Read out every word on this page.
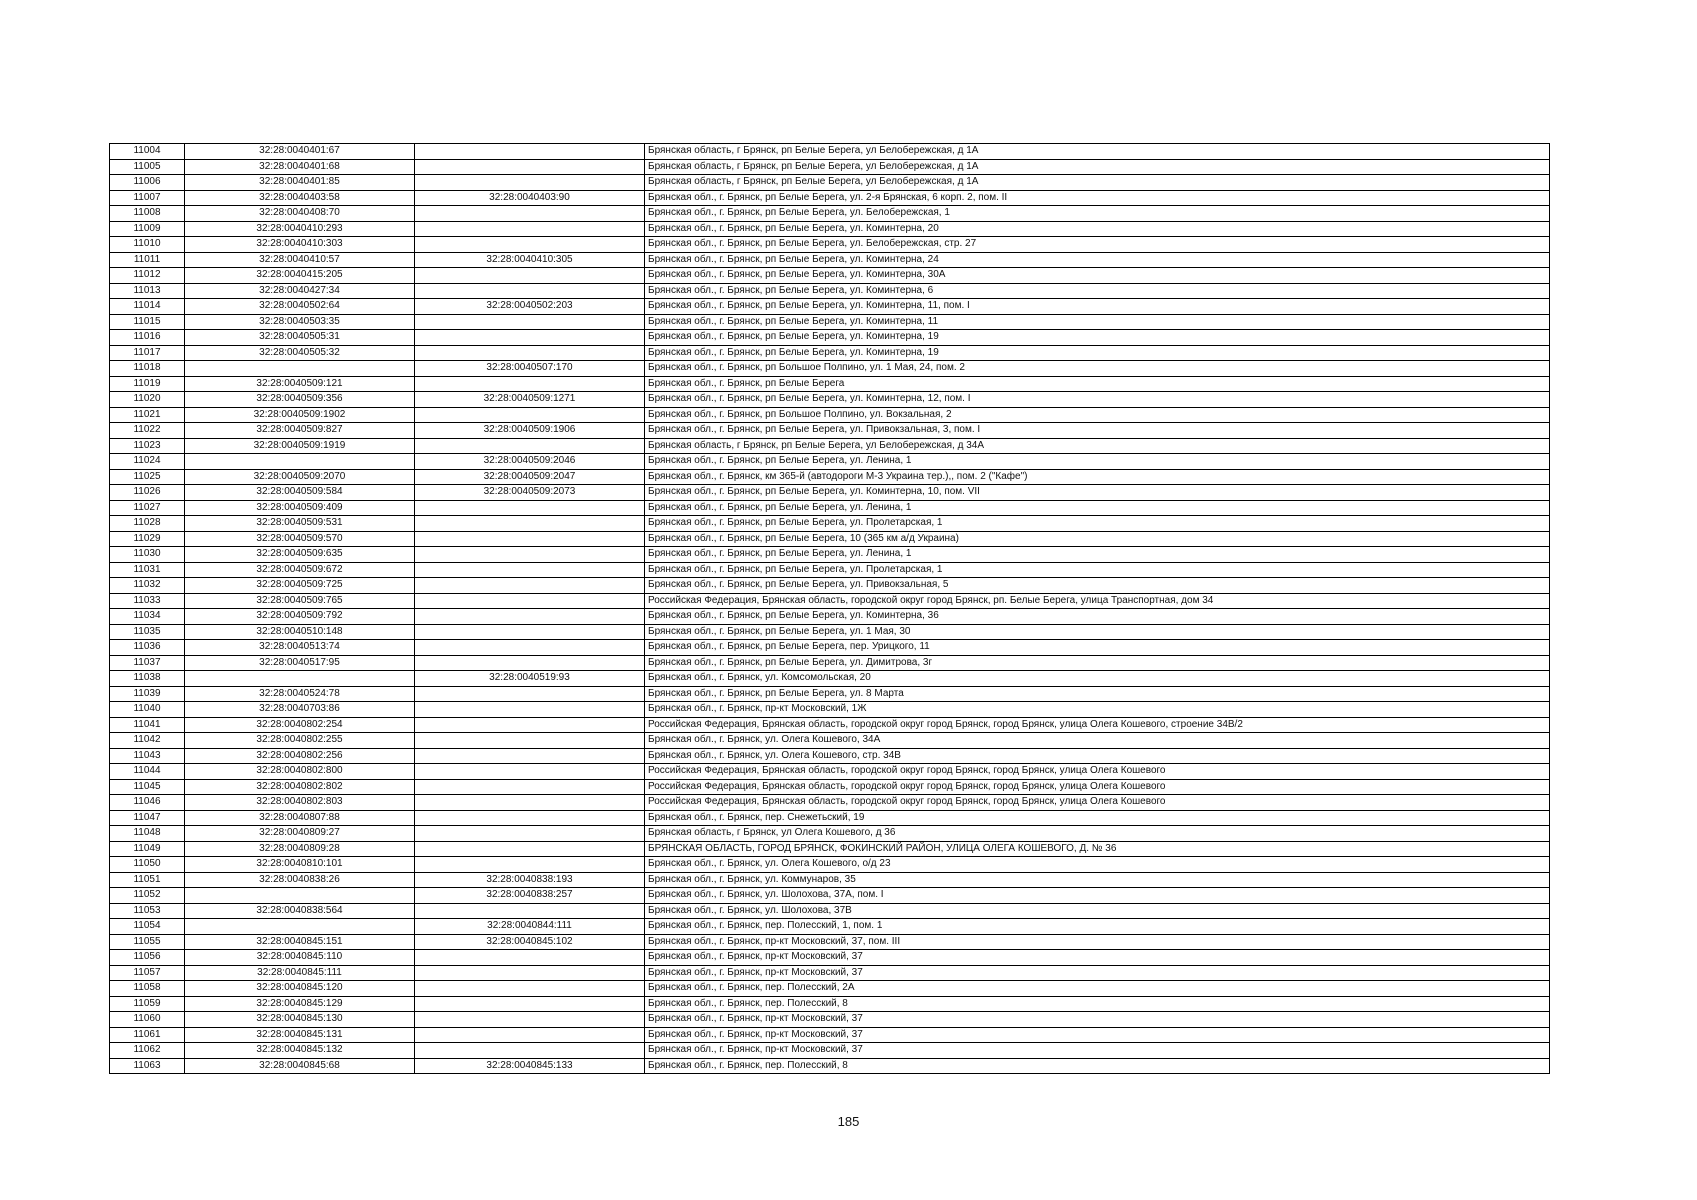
11004	32:28:0040401:67		Брянская область, г Брянск, рп Белые Берега, ул Белобережская, д 1А
11005	32:28:0040401:68		Брянская область, г Брянск, рп Белые Берега, ул Белобережская, д 1А
11006	32:28:0040401:85		Брянская область, г Брянск, рп Белые Берега, ул Белобережская, д 1А
11007	32:28:0040403:58	32:28:0040403:90	Брянская обл., г. Брянск, рп Белые Берега, ул. 2-я Брянская, 6 корп. 2, пом. II
11008	32:28:0040408:70		Брянская обл., г. Брянск, рп Белые Берега, ул. Белобережская, 1
11009	32:28:0040410:293		Брянская обл., г. Брянск, рп Белые Берега, ул. Коминтерна, 20
11010	32:28:0040410:303		Брянская обл., г. Брянск, рп Белые Берега, ул. Белобережская, стр. 27
11011	32:28:0040410:57	32:28:0040410:305	Брянская обл., г. Брянск, рп Белые Берега, ул. Коминтерна, 24
11012	32:28:0040415:205		Брянская обл., г. Брянск, рп Белые Берега, ул. Коминтерна, 30А
11013	32:28:0040427:34		Брянская обл., г. Брянск, рп Белые Берега, ул. Коминтерна, 6
11014	32:28:0040502:64	32:28:0040502:203	Брянская обл., г. Брянск, рп Белые Берега, ул. Коминтерна, 11, пом. I
11015	32:28:0040503:35		Брянская обл., г. Брянск, рп Белые Берега, ул. Коминтерна, 11
11016	32:28:0040505:31		Брянская обл., г. Брянск, рп Белые Берега, ул. Коминтерна, 19
11017	32:28:0040505:32		Брянская обл., г. Брянск, рп Белые Берега, ул. Коминтерна, 19
11018		32:28:0040507:170	Брянская обл., г. Брянск, рп Большое Полпино, ул. 1 Мая, 24, пом. 2
11019	32:28:0040509:121		Брянская обл., г. Брянск, рп Белые Берега
11020	32:28:0040509:356	32:28:0040509:1271	Брянская обл., г. Брянск, рп Белые Берега, ул. Коминтерна, 12, пом. I
11021	32:28:0040509:1902		Брянская обл., г. Брянск, рп Большое Полпино, ул. Вокзальная, 2
11022	32:28:0040509:827	32:28:0040509:1906	Брянская обл., г. Брянск, рп Белые Берега, ул. Привокзальная, 3, пом. I
11023	32:28:0040509:1919		Брянская область, г Брянск, рп Белые Берега, ул Белобережская, д 34А
11024		32:28:0040509:2046	Брянская обл., г. Брянск, рп Белые Берега, ул. Ленина, 1
11025	32:28:0040509:2070	32:28:0040509:2047	Брянская обл., г. Брянск, км 365-й (автодороги М-3 Украина тер.),, пом. 2 ("Кафе")
11026	32:28:0040509:584	32:28:0040509:2073	Брянская обл., г. Брянск, рп Белые Берега, ул. Коминтерна, 10, пом. VII
11027	32:28:0040509:409		Брянская обл., г. Брянск, рп Белые Берега, ул. Ленина, 1
11028	32:28:0040509:531		Брянская обл., г. Брянск, рп Белые Берега, ул. Пролетарская, 1
11029	32:28:0040509:570		Брянская обл., г. Брянск, рп Белые Берега, 10 (365 км а/д Украина)
11030	32:28:0040509:635		Брянская обл., г. Брянск, рп Белые Берега, ул. Ленина, 1
11031	32:28:0040509:672		Брянская обл., г. Брянск, рп Белые Берега, ул. Пролетарская, 1
11032	32:28:0040509:725		Брянская обл., г. Брянск, рп Белые Берега, ул. Привокзальная, 5
11033	32:28:0040509:765		Российская Федерация, Брянская область, городской округ город Брянск, рп. Белые Берега, улица Транспортная, дом 34
11034	32:28:0040509:792		Брянская обл., г. Брянск, рп Белые Берега, ул. Коминтерна, 36
11035	32:28:0040510:148		Брянская обл., г. Брянск, рп Белые Берега, ул. 1 Мая, 30
11036	32:28:0040513:74		Брянская обл., г. Брянск, рп Белые Берега, пер. Урицкого, 11
11037	32:28:0040517:95		Брянская обл., г. Брянск, рп Белые Берега, ул. Димитрова, 3г
11038		32:28:0040519:93	Брянская обл., г. Брянск, ул. Комсомольская, 20
11039	32:28:0040524:78		Брянская обл., г. Брянск, рп Белые Берега, ул. 8 Марта
11040	32:28:0040703:86		Брянская обл., г. Брянск, пр-кт Московский, 1Ж
11041	32:28:0040802:254		Российская Федерация, Брянская область, городской округ город Брянск, город Брянск, улица Олега Кошевого, строение 34В/2
11042	32:28:0040802:255		Брянская обл., г. Брянск, ул. Олега Кошевого, 34А
11043	32:28:0040802:256		Брянская обл., г. Брянск, ул. Олега Кошевого, стр. 34В
11044	32:28:0040802:800		Российская Федерация, Брянская область, городской округ город Брянск, город Брянск, улица Олега Кошевого
11045	32:28:0040802:802		Российская Федерация, Брянская область, городской округ город Брянск, город Брянск, улица Олега Кошевого
11046	32:28:0040802:803		Российская Федерация, Брянская область, городской округ город Брянск, город Брянск, улица Олега Кошевого
11047	32:28:0040807:88		Брянская обл., г. Брянск, пер. Снежетьский, 19
11048	32:28:0040809:27		Брянская область, г Брянск, ул Олега Кошевого, д 36
11049	32:28:0040809:28		БРЯНСКАЯ ОБЛАСТЬ, ГОРОД БРЯНСК, ФОКИНСКИЙ РАЙОН, УЛИЦА ОЛЕГА КОШЕВОГО, Д. № 36
11050	32:28:0040810:101		Брянская обл., г. Брянск, ул. Олега Кошевого, о/д 23
11051	32:28:0040838:26	32:28:0040838:193	Брянская обл., г. Брянск, ул. Коммунаров, 35
11052		32:28:0040838:257	Брянская обл., г. Брянск, ул. Шолохова, 37А, пом. I
11053	32:28:0040838:564		Брянская обл., г. Брянск, ул. Шолохова, 37В
11054		32:28:0040844:111	Брянская обл., г. Брянск, пер. Полесский, 1, пом. 1
11055	32:28:0040845:151	32:28:0040845:102	Брянская обл., г. Брянск, пр-кт Московский, 37, пом. III
11056	32:28:0040845:110		Брянская обл., г. Брянск, пр-кт Московский, 37
11057	32:28:0040845:111		Брянская обл., г. Брянск, пр-кт Московский, 37
11058	32:28:0040845:120		Брянская обл., г. Брянск, пер. Полесский, 2А
11059	32:28:0040845:129		Брянская обл., г. Брянск, пер. Полесский, 8
11060	32:28:0040845:130		Брянская обл., г. Брянск, пр-кт Московский, 37
11061	32:28:0040845:131		Брянская обл., г. Брянск, пр-кт Московский, 37
11062	32:28:0040845:132		Брянская обл., г. Брянск, пр-кт Московский, 37
11063	32:28:0040845:68	32:28:0040845:133	Брянская обл., г. Брянск, пер. Полесский, 8
185
